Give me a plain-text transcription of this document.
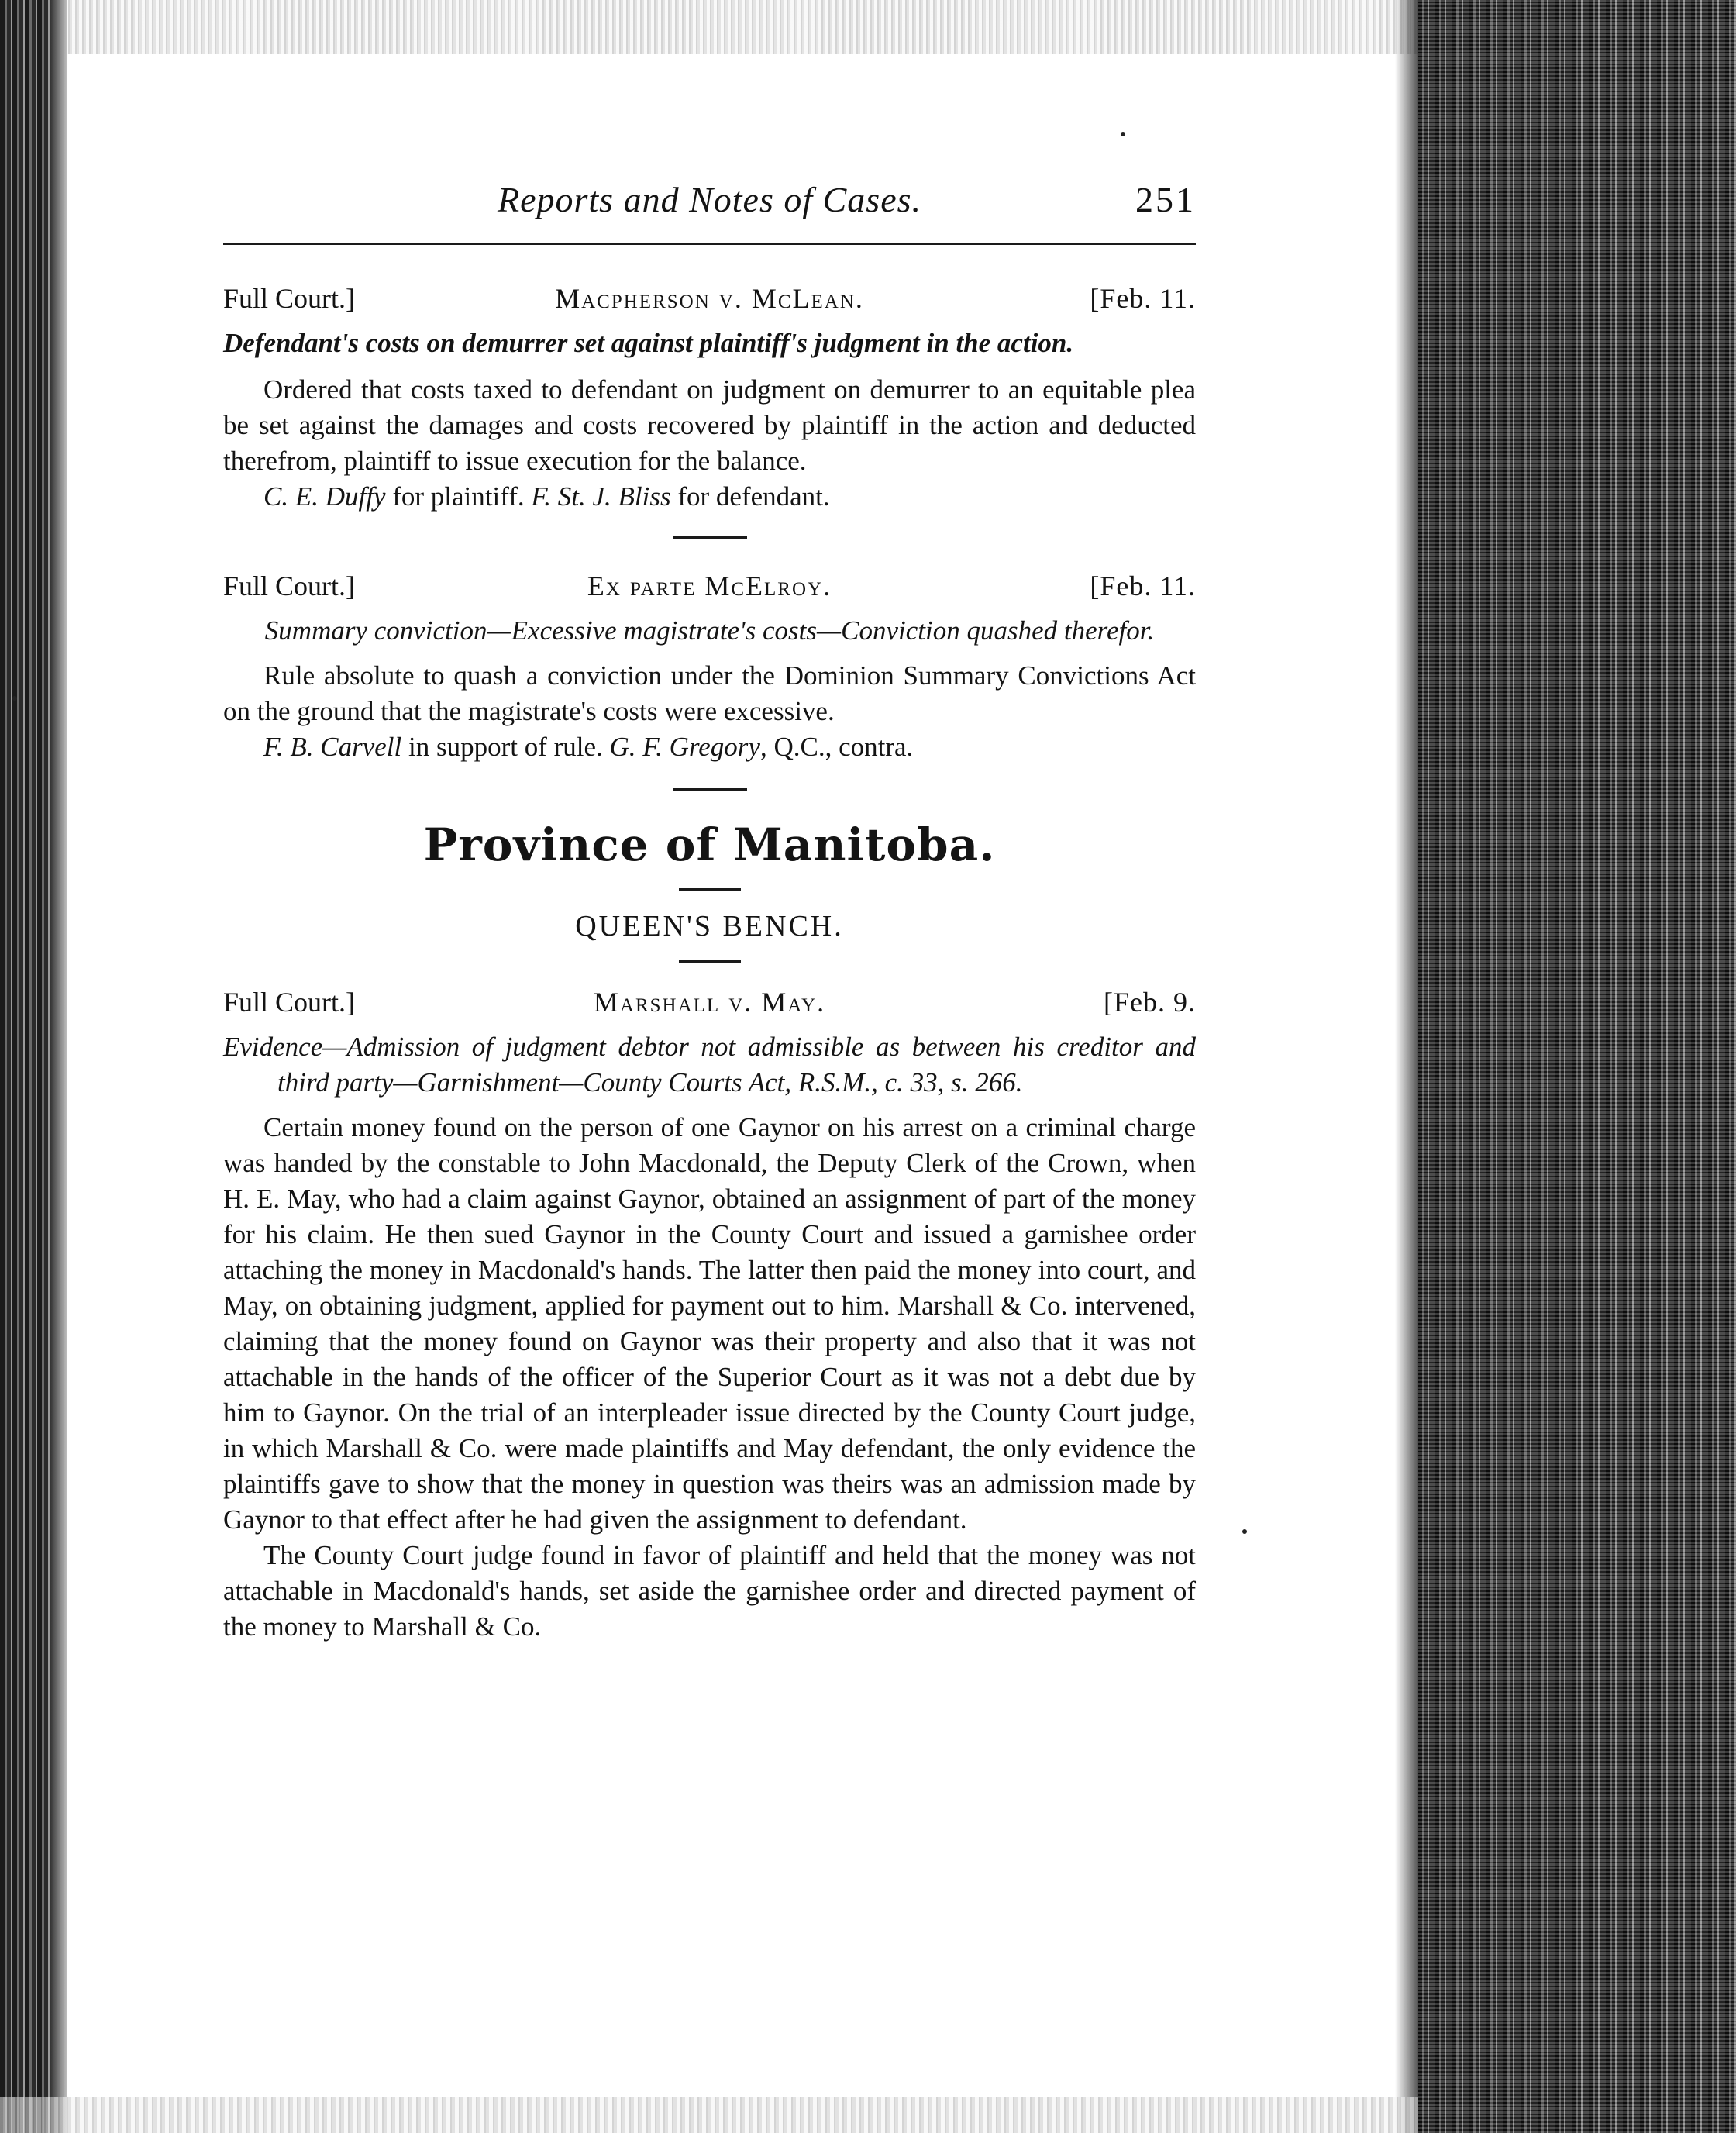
Reports and Notes of Cases.	251
Full Court.]	Macpherson v. McLean.	[Feb. 11.
Defendant's costs on demurrer set against plaintiff's judgment in the action.

Ordered that costs taxed to defendant on judgment on demurrer to an equitable plea be set against the damages and costs recovered by plaintiff in the action and deducted therefrom, plaintiff to issue execution for the balance.

C. E. Duffy for plaintiff. F. St. J. Bliss for defendant.
Full Court.]	Ex parte McElroy.	[Feb. 11.
Summary conviction—Excessive magistrate's costs—Conviction quashed therefor.

Rule absolute to quash a conviction under the Dominion Summary Convictions Act on the ground that the magistrate's costs were excessive.

F. B. Carvell in support of rule. G. F. Gregory, Q.C., contra.
Province of Manitoba.
QUEEN'S BENCH.
Full Court.]	Marshall v. May.	[Feb. 9.
Evidence—Admission of judgment debtor not admissible as between his creditor and third party—Garnishment—County Courts Act, R.S.M., c. 33, s. 266.

Certain money found on the person of one Gaynor on his arrest on a criminal charge was handed by the constable to John Macdonald, the Deputy Clerk of the Crown, when H. E. May, who had a claim against Gaynor, obtained an assignment of part of the money for his claim. He then sued Gaynor in the County Court and issued a garnishee order attaching the money in Macdonald's hands. The latter then paid the money into court, and May, on obtaining judgment, applied for payment out to him. Marshall & Co. intervened, claiming that the money found on Gaynor was their property and also that it was not attachable in the hands of the officer of the Superior Court as it was not a debt due by him to Gaynor. On the trial of an interpleader issue directed by the County Court judge, in which Marshall & Co. were made plaintiffs and May defendant, the only evidence the plaintiffs gave to show that the money in question was theirs was an admission made by Gaynor to that effect after he had given the assignment to defendant.

The County Court judge found in favor of plaintiff and held that the money was not attachable in Macdonald's hands, set aside the garnishee order and directed payment of the money to Marshall & Co.
